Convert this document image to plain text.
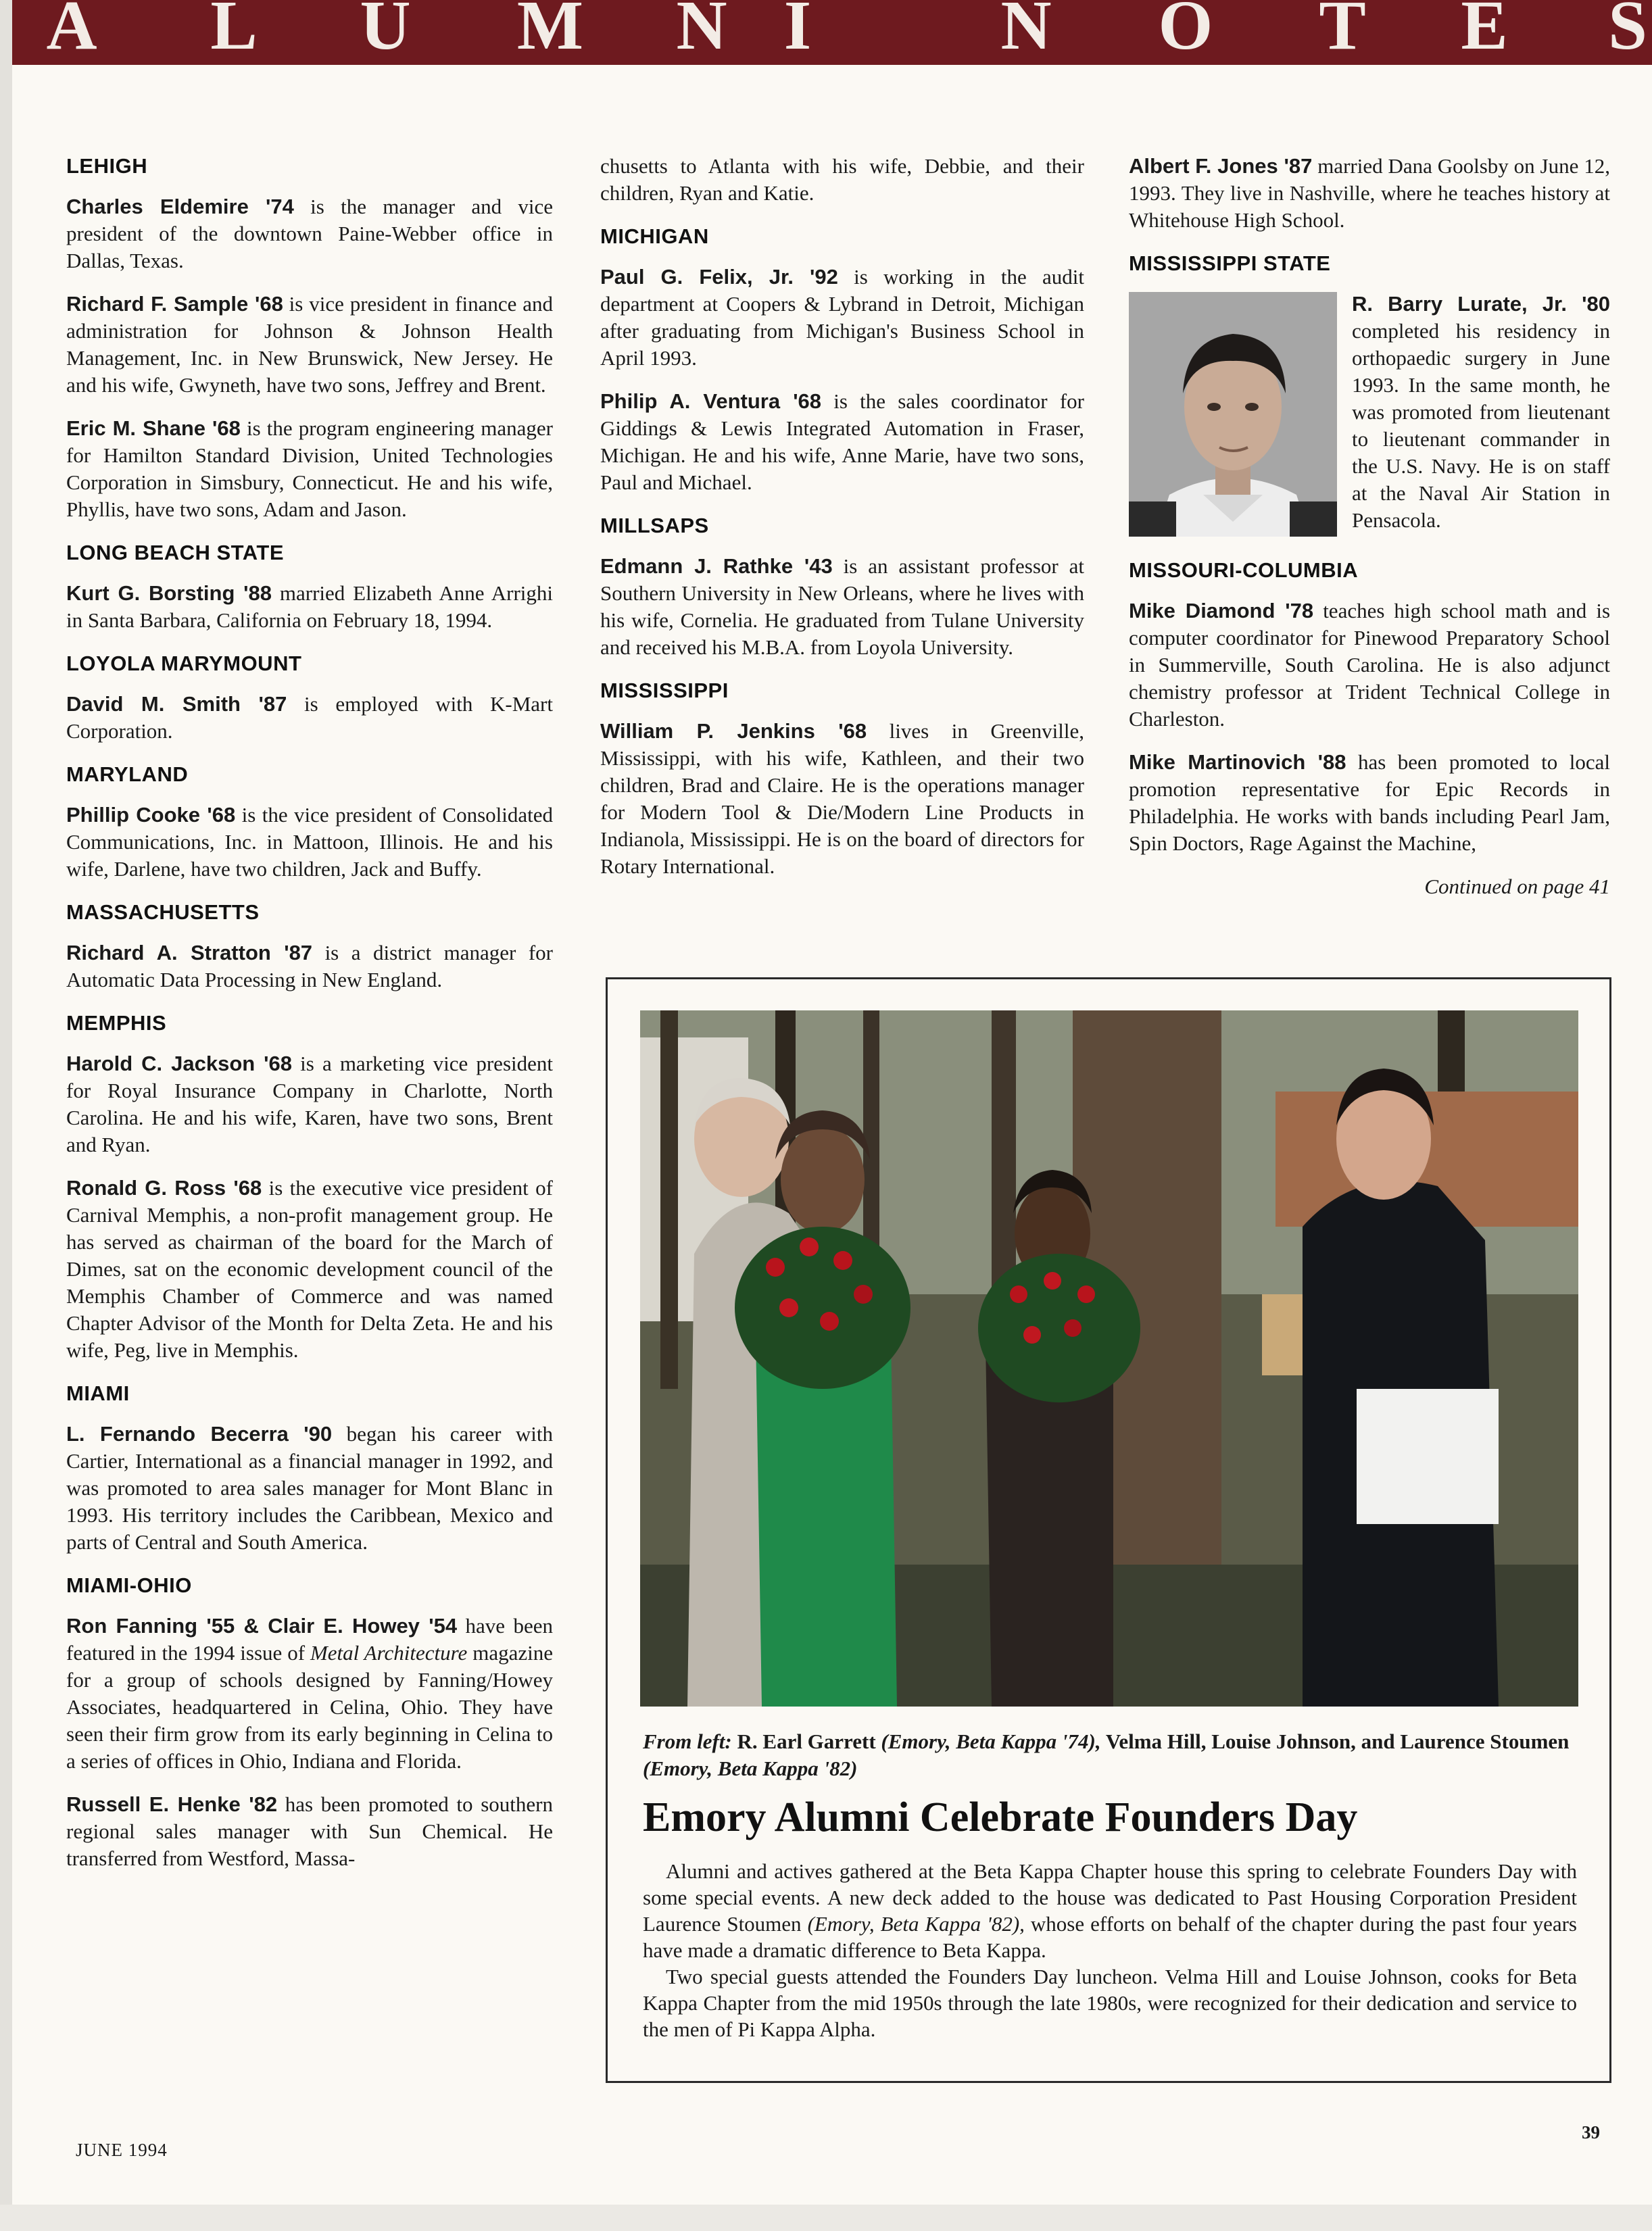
A L U M N I	N O T E S
LEHIGH
Charles Eldemire '74 is the manager and vice president of the downtown Paine-Webber office in Dallas, Texas.
Richard F. Sample '68 is vice president in finance and administration for Johnson & Johnson Health Management, Inc. in New Brunswick, New Jersey. He and his wife, Gwyneth, have two sons, Jeffrey and Brent.
Eric M. Shane '68 is the program engineering manager for Hamilton Standard Division, United Technologies Corporation in Simsbury, Connecticut. He and his wife, Phyllis, have two sons, Adam and Jason.
LONG BEACH STATE
Kurt G. Borsting '88 married Elizabeth Anne Arrighi in Santa Barbara, California on February 18, 1994.
LOYOLA MARYMOUNT
David M. Smith '87 is employed with K-Mart Corporation.
MARYLAND
Phillip Cooke '68 is the vice president of Consolidated Communications, Inc. in Mattoon, Illinois. He and his wife, Darlene, have two children, Jack and Buffy.
MASSACHUSETTS
Richard A. Stratton '87 is a district manager for Automatic Data Processing in New England.
MEMPHIS
Harold C. Jackson '68 is a marketing vice president for Royal Insurance Company in Charlotte, North Carolina. He and his wife, Karen, have two sons, Brent and Ryan.
Ronald G. Ross '68 is the executive vice president of Carnival Memphis, a non-profit management group. He has served as chairman of the board for the March of Dimes, sat on the economic development council of the Memphis Chamber of Commerce and was named Chapter Advisor of the Month for Delta Zeta. He and his wife, Peg, live in Memphis.
MIAMI
L. Fernando Becerra '90 began his career with Cartier, International as a financial manager in 1992, and was promoted to area sales manager for Mont Blanc in 1993. His territory includes the Caribbean, Mexico and parts of Central and South America.
MIAMI-OHIO
Ron Fanning '55 & Clair E. Howey '54 have been featured in the 1994 issue of Metal Architecture magazine for a group of schools designed by Fanning/Howey Associates, headquartered in Celina, Ohio. They have seen their firm grow from its early beginning in Celina to a series of offices in Ohio, Indiana and Florida.
Russell E. Henke '82 has been promoted to southern regional sales manager with Sun Chemical. He transferred from Westford, Massa-
chusetts to Atlanta with his wife, Debbie, and their children, Ryan and Katie.
MICHIGAN
Paul G. Felix, Jr. '92 is working in the audit department at Coopers & Lybrand in Detroit, Michigan after graduating from Michigan's Business School in April 1993.
Philip A. Ventura '68 is the sales coordinator for Giddings & Lewis Integrated Automation in Fraser, Michigan. He and his wife, Anne Marie, have two sons, Paul and Michael.
MILLSAPS
Edmann J. Rathke '43 is an assistant professor at Southern University in New Orleans, where he lives with his wife, Cornelia. He graduated from Tulane University and received his M.B.A. from Loyola University.
MISSISSIPPI
William P. Jenkins '68 lives in Greenville, Mississippi, with his wife, Kathleen, and their two children, Brad and Claire. He is the operations manager for Modern Tool & Die/Modern Line Products in Indianola, Mississippi. He is on the board of directors for Rotary International.
Albert F. Jones '87 married Dana Goolsby on June 12, 1993. They live in Nashville, where he teaches history at Whitehouse High School.
MISSISSIPPI STATE
R. Barry Lurate, Jr. '80 completed his residency in orthopaedic surgery in June 1993. In the same month, he was promoted from lieutenant to lieutenant commander in the U.S. Navy. He is on staff at the Naval Air Station in Pensacola.
MISSOURI-COLUMBIA
Mike Diamond '78 teaches high school math and is computer coordinator for Pinewood Preparatory School in Summerville, South Carolina. He is also adjunct chemistry professor at Trident Technical College in Charleston.
Mike Martinovich '88 has been promoted to local promotion representative for Epic Records in Philadelphia. He works with bands including Pearl Jam, Spin Doctors, Rage Against the Machine,
Continued on page 41
From left: R. Earl Garrett (Emory, Beta Kappa '74), Velma Hill, Louise Johnson, and Laurence Stoumen (Emory, Beta Kappa '82)
Emory Alumni Celebrate Founders Day

Alumni and actives gathered at the Beta Kappa Chapter house this spring to celebrate Founders Day with some special events. A new deck added to the house was dedicated to Past Housing Corporation President Laurence Stoumen (Emory, Beta Kappa '82), whose efforts on behalf of the chapter during the past four years have made a dramatic difference to Beta Kappa.

Two special guests attended the Founders Day luncheon. Velma Hill and Louise Johnson, cooks for Beta Kappa Chapter from the mid 1950s through the late 1980s, were recognized for their dedication and service to the men of Pi Kappa Alpha.

JUNE 1994
39
